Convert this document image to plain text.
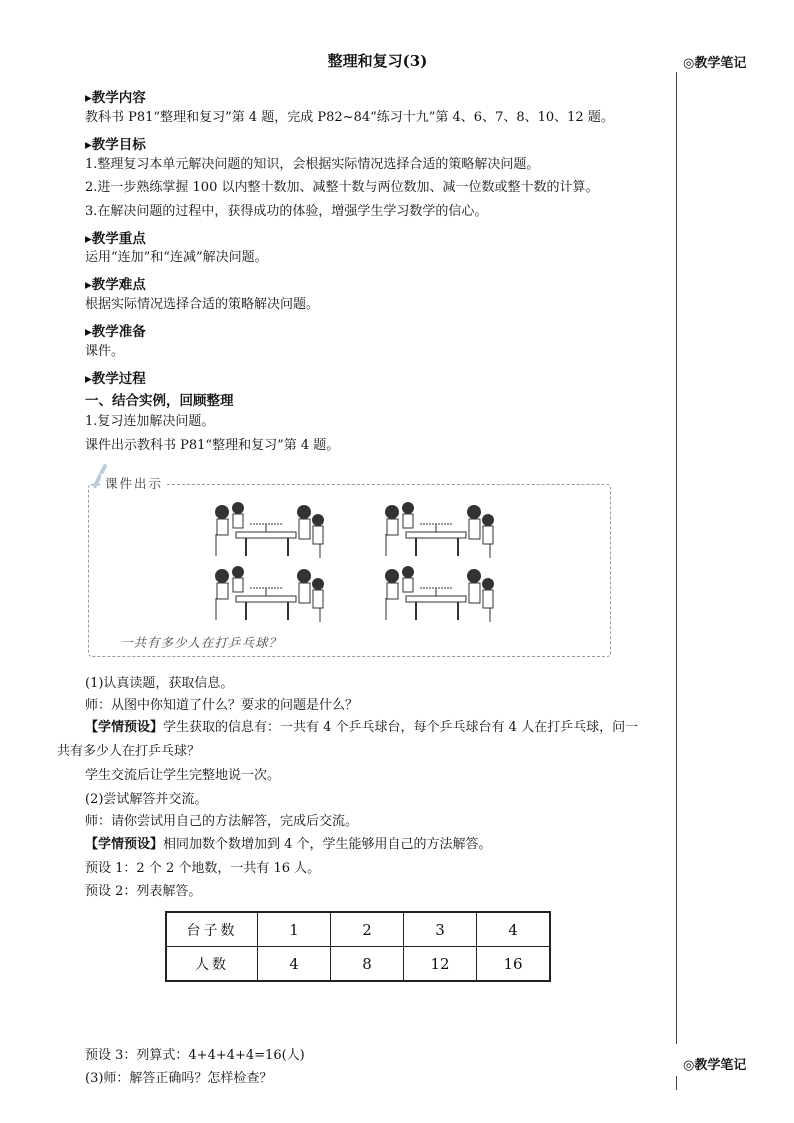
整理和复习(3)	◎教学笔记
◎教学笔记
▸教学内容
教科书 P81“整理和复习”第 4 题，完成 P82~84“练习十九”第 4、6、7、8、10、12 题。
▸教学目标
1.整理复习本单元解决问题的知识，会根据实际情况选择合适的策略解决问题。
2.进一步熟练掌握 100 以内整十数加、减整十数与两位数加、减一位数或整十数的计算。
3.在解决问题的过程中，获得成功的体验，增强学生学习数学的信心。
▸教学重点
运用“连加”和“连减”解决问题。
▸教学难点
根据实际情况选择合适的策略解决问题。
▸教学准备
课件。
▸教学过程
一、结合实例，回顾整理
1.复习连加解决问题。
课件出示教科书 P81“整理和复习”第 4 题。
课件出示
一共有多少人在打乒乓球？
(1)认真读题，获取信息。
师：从图中你知道了什么？要求的问题是什么？
【学情预设】学生获取的信息有：一共有 4 个乒乓球台，每个乒乓球台有 4 人在打乒乓球，问一
共有多少人在打乒乓球？
学生交流后让学生完整地说一次。
(2)尝试解答并交流。
师：请你尝试用自己的方法解答，完成后交流。
【学情预设】相同加数个数增加到 4 个，学生能够用自己的方法解答。
预设 1：2 个 2 个地数，一共有 16 人。
预设 2：列表解答。
台子数	1	2	3	4
人数	4	8	12	16
预设 3：列算式：4+4+4+4=16(人)
(3)师：解答正确吗？怎样检查？
